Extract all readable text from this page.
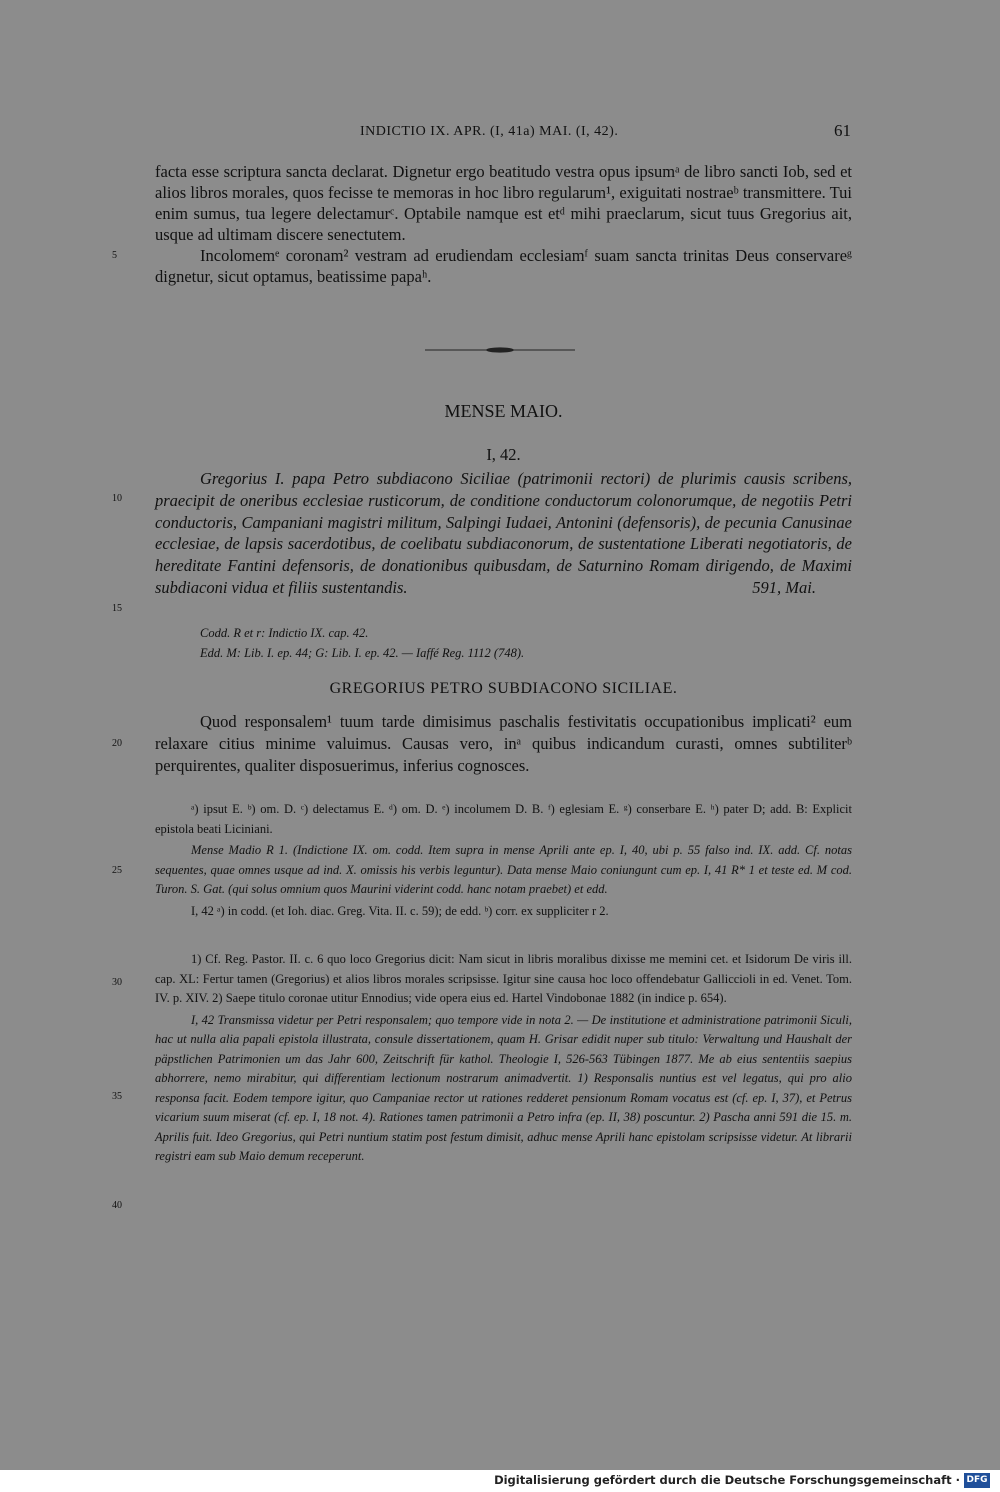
INDICTIO IX. APR. (I, 41a) MAI. (I, 42).	61
5
10
15
20
25
30
35
40

facta esse scriptura sancta declarat. Dignetur ergo beatitudo vestra opus ipsumᵃ de libro sancti Iob, sed et alios libros morales, quos fecisse te memoras in hoc libro regularum¹, exiguitati nostraeᵇ transmittere. Tui enim sumus, tua legere delectamurᶜ. Optabile namque est etᵈ mihi praeclarum, sicut tuus Gregorius ait, usque ad ultimam discere senectutem.

Incolomemᵉ coronam² vestram ad erudiendam ecclesiamᶠ suam sancta trinitas Deus conservareᵍ dignetur, sicut optamus, beatissime papaʰ.

MENSE MAIO.
I, 42.

Gregorius I. papa Petro subdiacono Siciliae (patrimonii rectori) de plurimis causis scribens, praecipit de oneribus ecclesiae rusticorum, de conditione conductorum colonorumque, de negotiis Petri conductoris, Campaniani magistri militum, Salpingi Iudaei, Antonini (defensoris), de pecunia Canusinae ecclesiae, de lapsis sacerdotibus, de coelibatu subdiaconorum, de sustentatione Liberati negotiatoris, de hereditate Fantini defensoris, de donationibus quibusdam, de Saturnino Romam dirigendo, de Maximi subdiaconi vidua et filiis sustentandis.	591, Mai.

Codd. R et r: Indictio IX. cap. 42.
Edd. M: Lib. I. ep. 44; G: Lib. I. ep. 42. — Iaffé Reg. 1112 (748).
GREGORIUS PETRO SUBDIACONO SICILIAE.

Quod responsalem¹ tuum tarde dimisimus paschalis festivitatis occupationibus implicati² eum relaxare citius minime valuimus. Causas vero, inᵃ quibus indicandum curasti, omnes subtiliterᵇ perquirentes, qualiter disposuerimus, inferius cognosces.

ᵃ) ipsut E. ᵇ) om. D. ᶜ) delectamus E. ᵈ) om. D. ᵉ) incolumem D. B. ᶠ) eglesiam E. ᵍ) conserbare E. ʰ) pater D; add. B: Explicit epistola beati Liciniani.

Mense Madio R 1. (Indictione IX. om. codd. Item supra in mense Aprili ante ep. I, 40, ubi p. 55 falso ind. IX. add. Cf. notas sequentes, quae omnes usque ad ind. X. omissis his verbis leguntur). Data mense Maio coniungunt cum ep. I, 41 R* 1 et teste ed. M cod. Turon. S. Gat. (qui solus omnium quos Maurini viderint codd. hanc notam praebet) et edd.

I, 42 ᵃ) in codd. (et Ioh. diac. Greg. Vita. II. c. 59); de edd. ᵇ) corr. ex suppliciter r 2.

1) Cf. Reg. Pastor. II. c. 6 quo loco Gregorius dicit: Nam sicut in libris moralibus dixisse me memini cet. et Isidorum De viris ill. cap. XL: Fertur tamen (Gregorius) et alios libros morales scripsisse. Igitur sine causa hoc loco offendebatur Galliccioli in ed. Venet. Tom. IV. p. XIV. 2) Saepe titulo coronae utitur Ennodius; vide opera eius ed. Hartel Vindobonae 1882 (in indice p. 654).

I, 42 Transmissa videtur per Petri responsalem; quo tempore vide in nota 2. — De institutione et administratione patrimonii Siculi, hac ut nulla alia papali epistola illustrata, consule dissertationem, quam H. Grisar edidit nuper sub titulo: Verwaltung und Haushalt der päpstlichen Patrimonien um das Jahr 600, Zeitschrift für kathol. Theologie I, 526-563 Tübingen 1877. Me ab eius sententiis saepius abhorrere, nemo mirabitur, qui differentiam lectionum nostrarum animadvertit. 1) Responsalis nuntius est vel legatus, qui pro alio responsa facit. Eodem tempore igitur, quo Campaniae rector ut rationes redderet pensionum Romam vocatus est (cf. ep. I, 37), et Petrus vicarium suum miserat (cf. ep. I, 18 not. 4). Rationes tamen patrimonii a Petro infra (ep. II, 38) poscuntur. 2) Pascha anni 591 die 15. m. Aprilis fuit. Ideo Gregorius, qui Petri nuntium statim post festum dimisit, adhuc mense Aprili hanc epistolam scripsisse videtur. At librarii registri eam sub Maio demum receperunt.

Digitalisierung gefördert durch die Deutsche Forschungsgemeinschaft · DFG
